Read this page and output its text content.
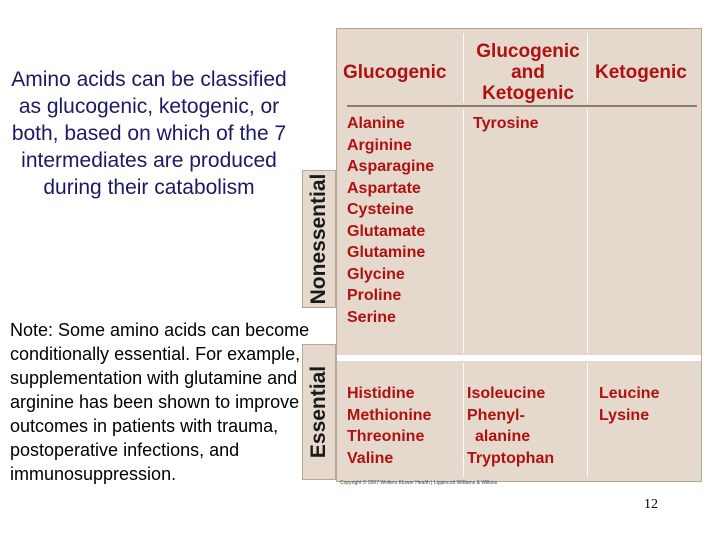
Amino acids can be classified as glucogenic, ketogenic, or both, based on which of the 7 intermediates are produced during their catabolism
Note: Some amino acids can become conditionally essential. For example, supplementation with glutamine and arginine has been shown to improve outcomes in patients with trauma, postoperative infections, and immunosuppression.
Nonessential
Essential
Glucogenic
Glucogenic
and
Ketogenic
Ketogenic
Alanine
Arginine
Asparagine
Aspartate
Cysteine
Glutamate
Glutamine
Glycine
Proline
Serine
Tyrosine
Histidine
Methionine
Threonine
Valine
Isoleucine
Phenyl-
alanine
Tryptophan
Leucine
Lysine
Copyright © 2007 Wolters Kluwer Health | Lippincott Williams & Wilkins
12
